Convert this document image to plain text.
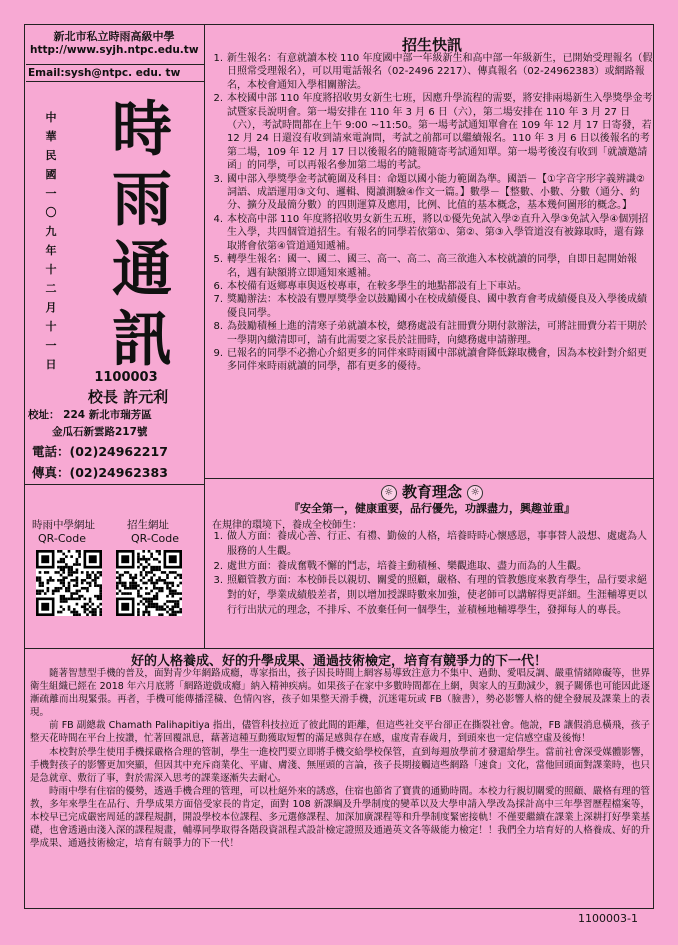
新北市私立時雨高級中學
http://www.syjh.ntpc.edu.tw
Email:sysh@ntpc. edu. tw
中
華
民
國
一
〇
九
年
十
二
月
十
一
日
時
雨
通
訊
1100003
校長 許元利
校址： 224 新北市瑞芳區
金瓜石新雲路217號
電話：(02)24962217
傳真：(02)24962383
時雨中學網址	招生網址
QR-Code	QR-Code
招生快訊
1. 新生報名：有意就讀本校 110 年度國中部一年級新生和高中部一年級新生，已開始受理報名（假日照常受理報名），可以用電話報名（02-2496 2217）、傳真報名（02-24962383）或網路報名，本校會通知入學相關辦法。
2. 本校國中部 110 年度將招收男女新生七班，因應升學流程的需要，將安排兩場新生入學獎學金考試暨家長說明會。第一場安排在 110 年 3 月 6 日（六），第二場安排在 110 年 3 月 27 日（六），考試時間都在上午 9:00 ~11:50。第一場考試通知單會在 109 年 12 月 17 日寄發，若 12 月 24 日還沒有收到請來電詢問，考試之前都可以繼續報名。110 年 3 月 6 日以後報名的考第二場，109 年 12 月 17 日以後報名的隨報隨寄考試通知單。第一場考後沒有收到「就讀邀請函」的同學，可以再報名參加第二場的考試。
3. 國中部入學獎學金考試範圍及科目：命題以國小能力範圍為準。國語－【①字音字形字義辨識②詞語、成語運用③文句、邏輯、閱讀測驗④作文一篇。】數學－【整數、小數、分數（通分、約分、擴分及最簡分數）的四則運算及應用，比例、比值的基本概念，基本幾何圖形的概念。】
4. 本校高中部 110 年度將招收男女新生五班，將以①優先免試入學②直升入學③免試入學④個別招生入學，共四個管道招生。有報名的同學若依第①、第②、第③入學管道沒有被錄取時，還有錄取將會依第④管道通知遞補。
5. 轉學生報名：國一、國二、國三、高一、高二、高三欲進入本校就讀的同學，自即日起開始報名，遇有缺額將立即通知來遞補。
6. 本校備有返鄉專車與返校專車，在較多學生的地點都設有上下車站。
7. 獎勵辦法：本校設有豐厚獎學金以鼓勵國小在校成績優良、國中教育會考成績優良及入學後成績優良同學。
8. 為鼓勵積極上進的清寒子弟就讀本校，總務處設有註冊費分期付款辦法，可將註冊費分若干期於一學期內繳清即可，請有此需要之家長於註冊時，向總務處申請辦理。
9. 已報名的同學不必擔心介紹更多的同伴來時雨國中部就讀會降低錄取機會，因為本校針對介紹更多同伴來時雨就讀的同學，都有更多的優待。
☼ 教育理念 ☼
『安全第一，健康重要，品行優先，功課盡力，興趣並重』
在規律的環境下，養成全校師生：
1. 做人方面：養成心善、行正、有禮、勤儉的人格，培養時時心懷感恩，事事替人設想、處處為人服務的人生觀。
2. 處世方面：養成奮戰不懈的鬥志，培養主動積極、樂觀進取、盡力而為的人生觀。
3. 照顧管教方面：本校師長以親切、關愛的照顧，嚴格、有理的管教態度來教育學生，品行要求絕對的好，學業成績般差者，則以增加授課時數來加強，使老師可以講解得更詳細。生涯輔導更以行行出狀元的理念，不排斥、不放棄任何一個學生，並積極地輔導學生，發揮每人的專長。
好的人格養成、好的升學成果、通過技術檢定，培育有競爭力的下一代！

隨著智慧型手機的普及，面對青少年網路成癮，專家指出，孩子因長時間上網容易導致注意力不集中、過動、愛唱反調、嚴重情緒障礙等，世界衛生組織已經在 2018 年六月底將「網路遊戲成癮」納入精神疾病。如果孩子在家中多數時間都在上網，與家人的互動減少，親子關係也可能因此逐漸疏離而出現緊張。再者，手機可能傳播淫穢、色情內容，孩子如果整天滑手機，沉迷電玩或 FB（臉書），勢必影響人格的健全發展及課業上的表現。

前 FB 副總裁 Chamath Palihapitiya 指出，儘管科技拉近了彼此間的距離，但這些社交平台卻正在撕裂社會。他說，FB 讓假消息橫飛，孩子整天花時間在平台上按讚，忙著回覆訊息，藉著這種互動獲取短暫的滿足感與存在感，虛度青春歲月，到頭來也一定信感空虛及後悔！

本校對於學生使用手機採嚴格合理的管制，學生一進校門要立即將手機交給學校保管，直到每週放學前才發還給學生。當前社會深受媒體影響，手機對孩子的影響更加突顯，但因其中充斥商業化、平庸、膚淺、無厘頭的言論，孩子長期接觸這些網路「速食」文化，當他回頭面對課業時，也只是急就章、敷衍了事，對於需深入思考的課業逐漸失去耐心。

時雨中學有住宿的優勢，透過手機合理的管理，可以杜絕外來的誘惑，住宿也節省了寶貴的通勤時間。本校力行親切關愛的照顧、嚴格有理的管教，多年來學生在品行、升學成果方面倍受家長的肯定，面對 108 新課綱及升學制度的變革以及大學申請入學改為採計高中三年學習歷程檔案等，本校早已完成嚴密周延的課程規劃，開設學校本位課程、多元選修課程、加深加廣課程等和升學制度緊密接軌！不僅要繼續在課業上深耕打好學業基礎，也會透過由淺入深的課程規畫，輔導同學取得各階段資訊程式設計檢定證照及通過英文各等級能力檢定！！我們全力培育好的人格養成、好的升學成果、通過技術檢定，培育有競爭力的下一代！

1100003-1
